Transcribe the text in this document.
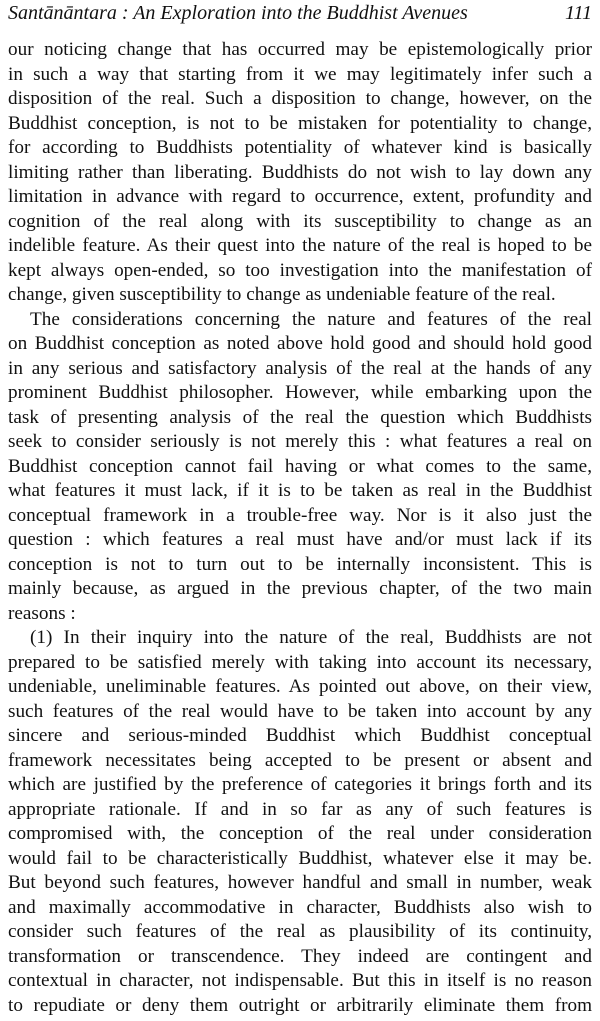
Santānāntara : An Exploration into the Buddhist Avenues	111
our noticing change that has occurred may be epistemologically prior
in such a way that starting from it we may legitimately infer such a
disposition of the real. Such a disposition to change, however, on the
Buddhist conception, is not to be mistaken for potentiality to change,
for according to Buddhists potentiality of whatever kind is basically
limiting rather than liberating. Buddhists do not wish to lay down any
limitation in advance with regard to occurrence, extent, profundity and
cognition of the real along with its susceptibility to change as an
indelible feature. As their quest into the nature of the real is hoped to be
kept always open-ended, so too investigation into the manifestation of
change, given susceptibility to change as undeniable feature of the real.
The considerations concerning the nature and features of the real
on Buddhist conception as noted above hold good and should hold good
in any serious and satisfactory analysis of the real at the hands of any
prominent Buddhist philosopher. However, while embarking upon the
task of presenting analysis of the real the question which Buddhists
seek to consider seriously is not merely this : what features a real on
Buddhist conception cannot fail having or what comes to the same,
what features it must lack, if it is to be taken as real in the Buddhist
conceptual framework in a trouble-free way. Nor is it also just the
question : which features a real must have and/or must lack if its
conception is not to turn out to be internally inconsistent. This is
mainly because, as argued in the previous chapter, of the two main
reasons :
(1) In their inquiry into the nature of the real, Buddhists are not
prepared to be satisfied merely with taking into account its necessary,
undeniable, uneliminable features. As pointed out above, on their view,
such features of the real would have to be taken into account by any
sincere and serious-minded Buddhist which Buddhist conceptual
framework necessitates being accepted to be present or absent and
which are justified by the preference of categories it brings forth and its
appropriate rationale. If and in so far as any of such features is
compromised with, the conception of the real under consideration
would fail to be characteristically Buddhist, whatever else it may be.
But beyond such features, however handful and small in number, weak
and maximally accommodative in character, Buddhists also wish to
consider such features of the real as plausibility of its continuity,
transformation or transcendence. They indeed are contingent and
contextual in character, not indispensable. But this in itself is no reason
to repudiate or deny them outright or arbitrarily eliminate them from
